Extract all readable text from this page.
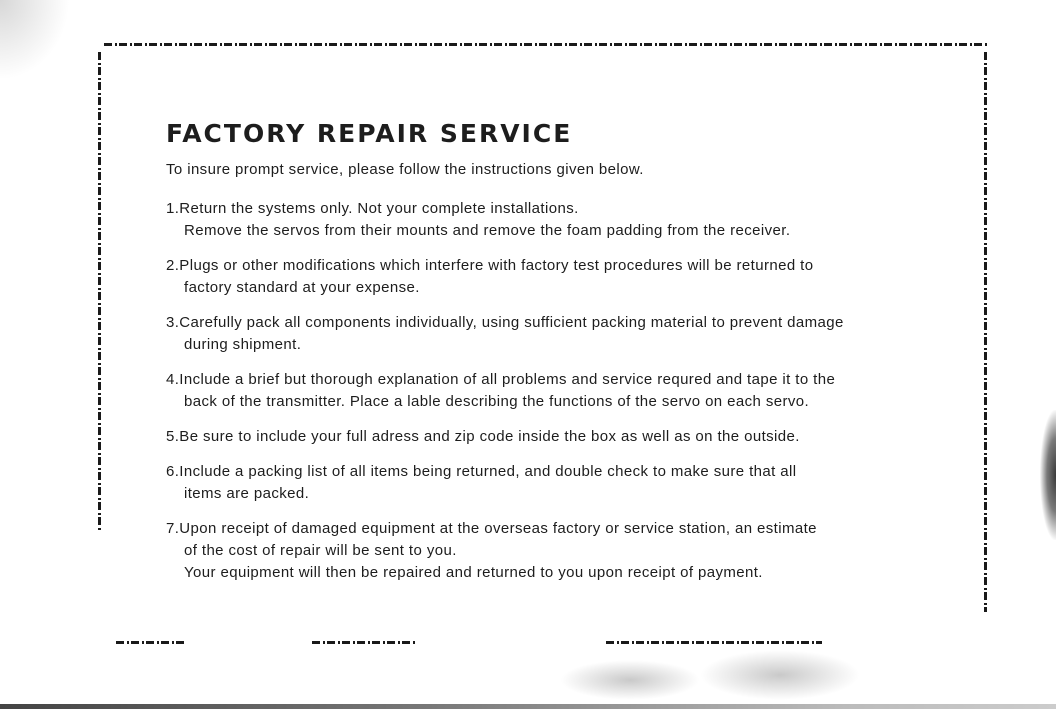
FACTORY REPAIR SERVICE

To insure prompt service, please follow the instructions given below.

1.Return the systems only. Not your complete installations.
Remove the servos from their mounts and remove the foam padding from the receiver.
2.Plugs or other modifications which interfere with factory test procedures will be returned to
factory standard at your expense.
3.Carefully pack all components individually, using sufficient packing material to prevent damage
during shipment.
4.Include a brief but thorough explanation of all problems and service requred and tape it to the
back of the transmitter. Place a lable describing the functions of the servo on each servo.
5.Be sure to include your full adress and zip code inside the box as well as on the outside.
6.Include a packing list of all items being returned, and double check to make sure that all
items are packed.
7.Upon receipt of damaged equipment at the overseas factory or service station, an estimate
of the cost of repair will be sent to you.
Your equipment will then be repaired and returned to you upon receipt of payment.
